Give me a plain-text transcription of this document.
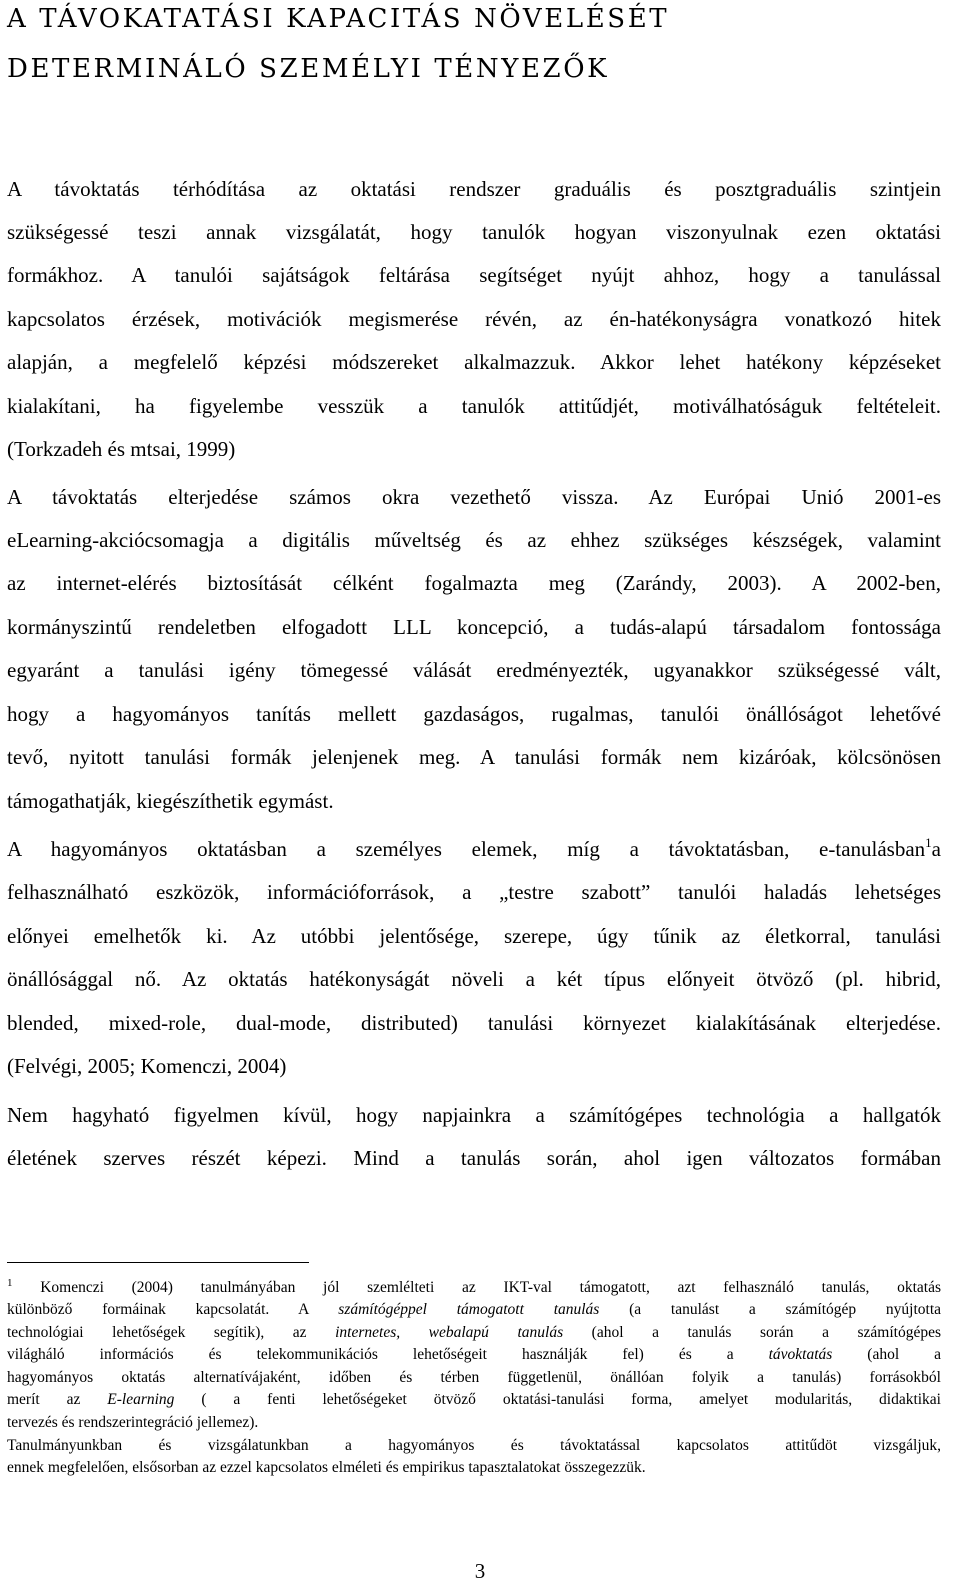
A TÁVOKATATÁSI KAPACITÁS NÖVELÉSÉT
DETERMINÁLÓ SZEMÉLYI TÉNYEZŐK
A távoktatás térhódítása az oktatási rendszer graduális és posztgraduális szintjein
szükségessé teszi annak vizsgálatát, hogy tanulók hogyan viszonyulnak ezen oktatási
formákhoz. A tanulói sajátságok feltárása segítséget nyújt ahhoz, hogy a tanulással
kapcsolatos érzések, motivációk megismerése révén, az én-hatékonyságra vonatkozó hitek
alapján, a megfelelő képzési módszereket alkalmazzuk. Akkor lehet hatékony képzéseket
kialakítani, ha figyelembe vesszük a tanulók attitűdjét, motiválhatóságuk feltételeit.
(Torkzadeh és mtsai, 1999)
A távoktatás elterjedése számos okra vezethető vissza. Az Európai Unió 2001-es
eLearning-akciócsomagja a digitális műveltség és az ehhez szükséges készségek, valamint
az internet-elérés biztosítását célként fogalmazta meg (Zarándy, 2003). A 2002-ben,
kormányszintű rendeletben elfogadott LLL koncepció, a tudás-alapú társadalom fontossága
egyaránt a tanulási igény tömegessé válását eredményezték, ugyanakkor szükségessé vált,
hogy a hagyományos tanítás mellett gazdaságos, rugalmas, tanulói önállóságot lehetővé
tevő, nyitott tanulási formák jelenjenek meg. A tanulási formák nem kizáróak, kölcsönösen
támogathatják, kiegészíthetik egymást.
A hagyományos oktatásban a személyes elemek, míg a távoktatásban, e-tanulásban$^1$a
felhasználható eszközök, információforrások, a „testre szabott” tanulói haladás lehetséges
előnyei emelhetők ki. Az utóbbi jelentősége, szerepe, úgy tűnik az életkorral, tanulási
önállósággal nő. Az oktatás hatékonyságát növeli a két típus előnyeit ötvöző (pl. hibrid,
blended, mixed-role, dual-mode, distributed) tanulási környezet kialakításának elterjedése.
(Felvégi, 2005; Komenczi, 2004)
Nem hagyható figyelmen kívül, hogy napjainkra a számítógépes technológia a hallgatók
életének szerves részét képezi. Mind a tanulás során, ahol igen változatos formában
$^1$ Komenczi (2004) tanulmányában jól szemlélteti az IKT-val támogatott, azt felhasználó tanulás, oktatás
különböző formáinak kapcsolatát. A számítógéppel támogatott tanulás (a tanulást a számítógép nyújtotta
technológiai lehetőségek segítik), az internetes, webalapú tanulás (ahol a tanulás során a számítógépes
világháló információs és telekommunikációs lehetőségeit használják fel) és a távoktatás (ahol a
hagyományos oktatás alternatívájaként, időben és térben függetlenül, önállóan folyik a tanulás) forrásokból
merít az E-learning ( a fenti lehetőségeket ötvöző oktatási-tanulási forma, amelyet modularitás, didaktikai
tervezés és rendszerintegráció jellemez).
Tanulmányunkban és vizsgálatunkban a hagyományos és távoktatással kapcsolatos attitűdöt vizsgáljuk,
ennek megfelelően, elsősorban az ezzel kapcsolatos elméleti és empirikus tapasztalatokat összegezzük.
3
